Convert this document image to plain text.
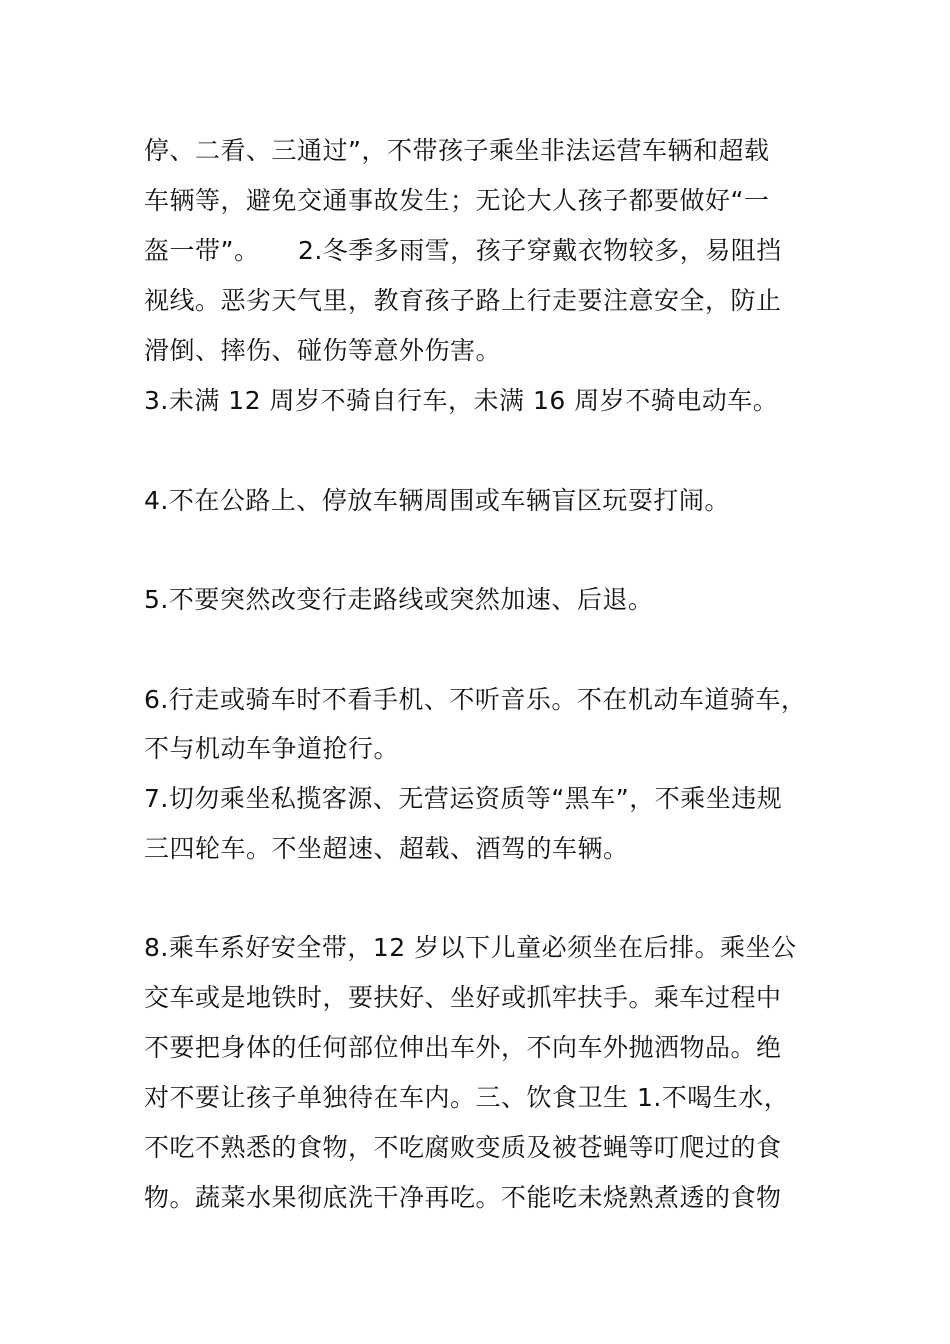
停、二看、三通过”，不带孩子乘坐非法运营车辆和超载
车辆等，避免交通事故发生；无论大人孩子都要做好“一
盔一带”。　　2.冬季多雨雪，孩子穿戴衣物较多，易阻挡
视线。恶劣天气里，教育孩子路上行走要注意安全，防止
滑倒、摔伤、碰伤等意外伤害。
3.未满 12 周岁不骑自行车，未满 16 周岁不骑电动车。
4.不在公路上、停放车辆周围或车辆盲区玩耍打闹。
5.不要突然改变行走路线或突然加速、后退。
6.行走或骑车时不看手机、不听音乐。不在机动车道骑车，
不与机动车争道抢行。
7.切勿乘坐私揽客源、无营运资质等“黑车”，不乘坐违规
三四轮车。不坐超速、超载、酒驾的车辆。
8.乘车系好安全带，12 岁以下儿童必须坐在后排。乘坐公
交车或是地铁时，要扶好、坐好或抓牢扶手。乘车过程中
不要把身体的任何部位伸出车外，不向车外抛洒物品。绝
对不要让孩子单独待在车内。三、饮食卫生 1.不喝生水，
不吃不熟悉的食物，不吃腐败变质及被苍蝇等叮爬过的食
物。蔬菜水果彻底洗干净再吃。不能吃未烧熟煮透的食物
